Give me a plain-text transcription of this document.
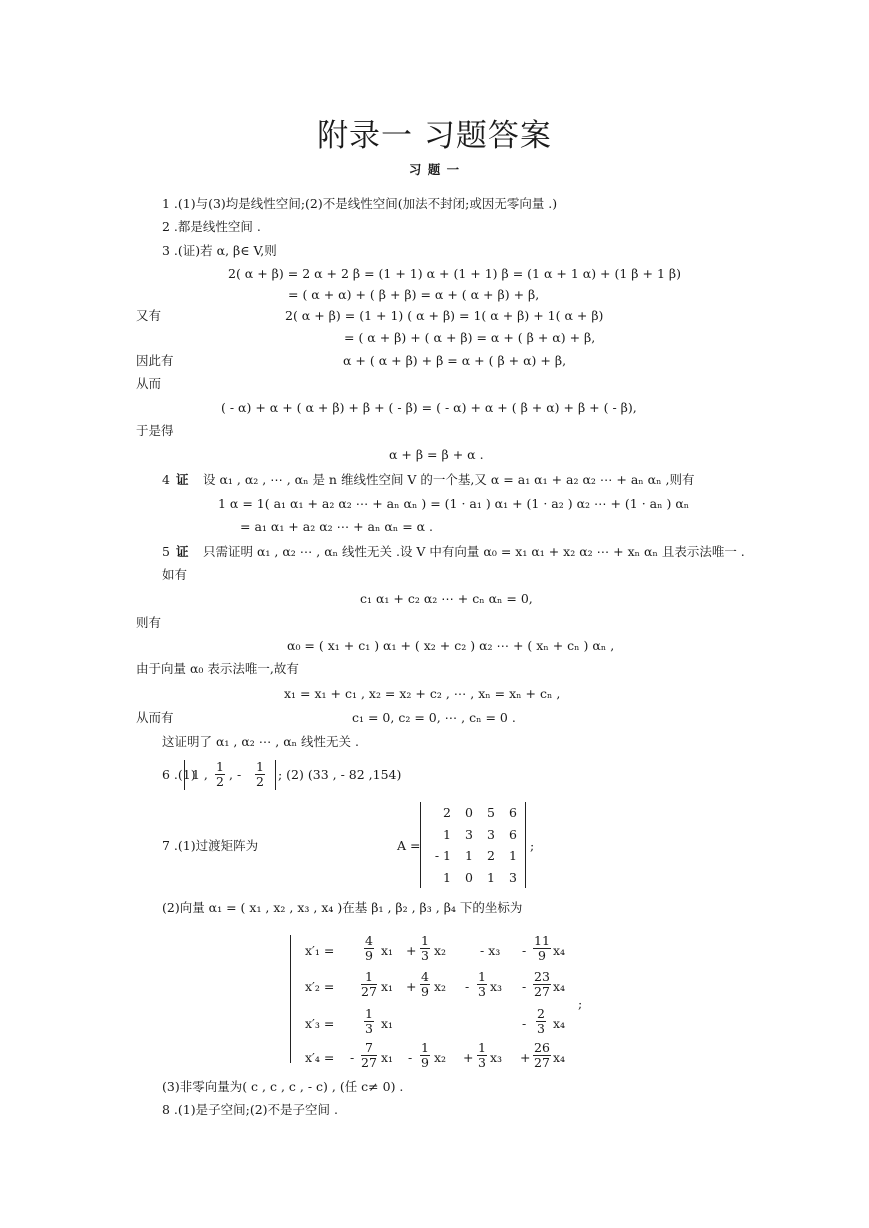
附录一 习题答案
习 题 一
1 .(1)与(3)均是线性空间;(2)不是线性空间(加法不封闭;或因无零向量 .)
2 .都是线性空间 .
3 .(证)若 α, β∈ V,则
2( α + β) = 2 α + 2 β = (1 + 1) α + (1 + 1) β = (1 α + 1 α) + (1 β + 1 β)
= ( α + α) + ( β + β) = α + ( α + β) + β,
又有	2( α + β) = (1 + 1) ( α + β) = 1( α + β) + 1( α + β)
= ( α + β) + ( α + β) = α + ( β + α) + β,
因此有	α + ( α + β) + β = α + ( β + α) + β,
从而
( - α) + α + ( α + β) + β + ( - β) = ( - α) + α + ( β + α) + β + ( - β),
于是得
α + β = β + α .
4 证 设 α₁ , α₂ , ⋯ , αₙ 是 n 维线性空间 V 的一个基,又 α = a₁ α₁ + a₂ α₂ ⋯ + aₙ αₙ ,则有
1 α = 1( a₁ α₁ + a₂ α₂ ⋯ + aₙ αₙ ) = (1 · a₁ ) α₁ + (1 · a₂ ) α₂ ⋯ + (1 · aₙ ) αₙ
= a₁ α₁ + a₂ α₂ ⋯ + aₙ αₙ = α .
5 证 只需证明 α₁ , α₂ ⋯ , αₙ 线性无关 .设 V 中有向量 α₀ = x₁ α₁ + x₂ α₂ ⋯ + xₙ αₙ 且表示法唯一 .
如有
c₁ α₁ + c₂ α₂ ⋯ + cₙ αₙ = 0,
则有
α₀ = ( x₁ + c₁ ) α₁ + ( x₂ + c₂ ) α₂ ⋯ + ( xₙ + cₙ ) αₙ ,
由于向量 α₀ 表示法唯一,故有
x₁ = x₁ + c₁ , x₂ = x₂ + c₂ , ⋯ , xₙ = xₙ + cₙ ,
从而有	c₁ = 0, c₂ = 0, ⋯ , cₙ = 0 .
这证明了 α₁ , α₂ ⋯ , αₙ 线性无关 .
6 .(1)
1 , $\frac{1}{2}$ , - $\frac{1}{2}$ ; (2) (33 , - 82 ,154)
7 .(1)过渡矩阵为	A =
2	0	5	6
1	3	3	6
- 1	1	2	1
1	0	1	3
;
(2)向量 α₁ = ( x₁ , x₂ , x₃ , x₄ )在基 β₁ , β₂ , β₃ , β₄ 下的坐标为
$x'_1 = \frac{4}{9} x_1 + \frac{1}{3} x_2$	- $x_3 - \frac{11}{9} x_4$
$x'_2 = \frac{1}{27} x_1 + \frac{4}{9} x_2 - \frac{1}{3} x_3 - \frac{23}{27} x_4$
;
$x'_3 = \frac{1}{3} x_1$	- $\frac{2}{3} x_4$
x′₄ = - $\frac{7}{27} x_1 - \frac{1}{9} x_2 + \frac{1}{3} x_3 + \frac{26}{27} x_4$
(3)非零向量为( c , c , c , - c) , (任 c≠ 0) .
8 .(1)是子空间;(2)不是子空间 .
